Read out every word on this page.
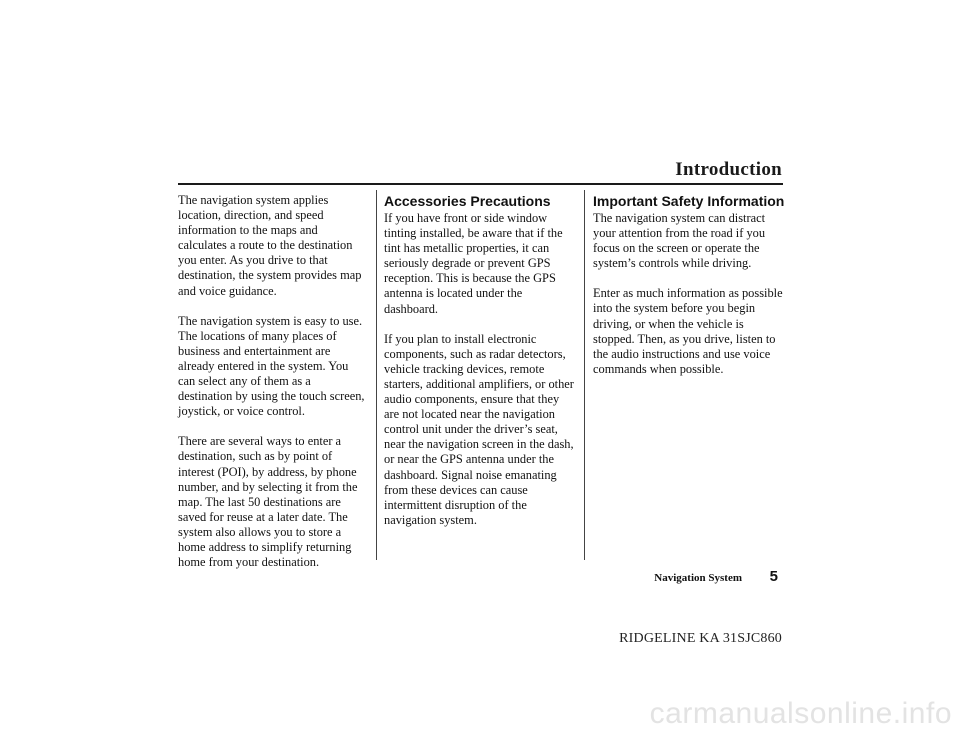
Introduction

The navigation system applies location, direction, and speed information to the maps and calculates a route to the destination you enter. As you drive to that destination, the system provides map and voice guidance.

The navigation system is easy to use. The locations of many places of business and entertainment are already entered in the system. You can select any of them as a destination by using the touch screen, joystick, or voice control.

There are several ways to enter a destination, such as by point of interest (POI), by address, by phone number, and by selecting it from the map. The last 50 destinations are saved for reuse at a later date. The system also allows you to store a home address to simplify returning home from your destination.

Accessories Precautions

If you have front or side window tinting installed, be aware that if the tint has metallic properties, it can seriously degrade or prevent GPS reception. This is because the GPS antenna is located under the dashboard.

If you plan to install electronic components, such as radar detectors, vehicle tracking devices, remote starters, additional amplifiers, or other audio components, ensure that they are not located near the navigation control unit under the driver’s seat, near the navigation screen in the dash, or near the GPS antenna under the dashboard. Signal noise emanating from these devices can cause intermittent disruption of the navigation system.

Important Safety Information

The navigation system can distract your attention from the road if you focus on the screen or operate the system’s controls while driving.

Enter as much information as possible into the system before you begin driving, or when the vehicle is stopped. Then, as you drive, listen to the audio instructions and use voice commands when possible.

Navigation System 5
RIDGELINE KA 31SJC860
carmanualsonline.info
